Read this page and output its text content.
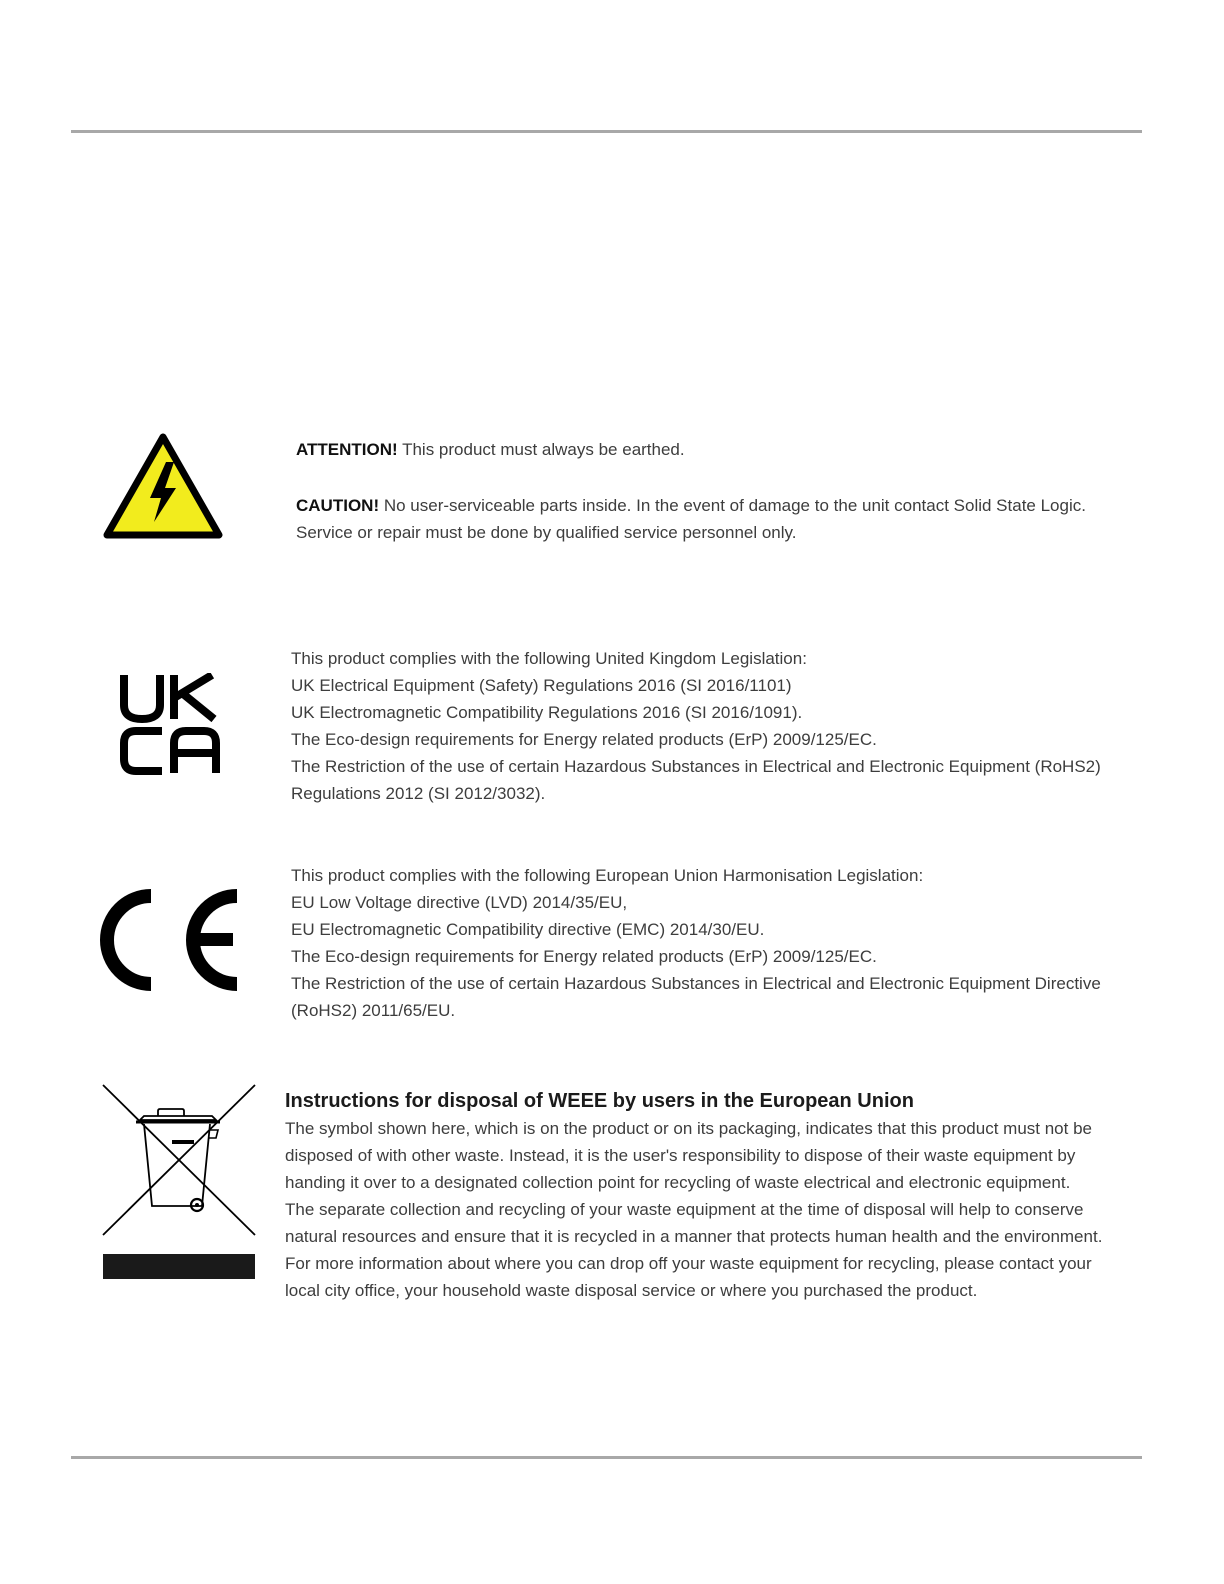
ATTENTION! This product must always be earthed.

CAUTION! No user-serviceable parts inside. In the event of damage to the unit contact Solid State Logic.

Service or repair must be done by qualified service personnel only.

This product complies with the following United Kingdom Legislation:

UK Electrical Equipment (Safety) Regulations 2016 (SI 2016/1101)

UK Electromagnetic Compatibility Regulations 2016 (SI 2016/1091).

The Eco-design requirements for Energy related products (ErP) 2009/125/EC.

The Restriction of the use of certain Hazardous Substances in Electrical and Electronic Equipment (RoHS2)

Regulations 2012 (SI 2012/3032).

This product complies with the following European Union Harmonisation Legislation:

EU Low Voltage directive (LVD) 2014/35/EU,

EU Electromagnetic Compatibility directive (EMC) 2014/30/EU.

The Eco-design requirements for Energy related products (ErP) 2009/125/EC.

The Restriction of the use of certain Hazardous Substances in Electrical and Electronic Equipment Directive

(RoHS2) 2011/65/EU.

Instructions for disposal of WEEE by users in the European Union

The symbol shown here, which is on the product or on its packaging, indicates that this product must not be

disposed of with other waste. Instead, it is the user's responsibility to dispose of their waste equipment by

handing it over to a designated collection point for recycling of waste electrical and electronic equipment.

The separate collection and recycling of your waste equipment at the time of disposal will help to conserve

natural resources and ensure that it is recycled in a manner that protects human health and the environment.

For more information about where you can drop off your waste equipment for recycling, please contact your

local city office, your household waste disposal service or where you purchased the product.
